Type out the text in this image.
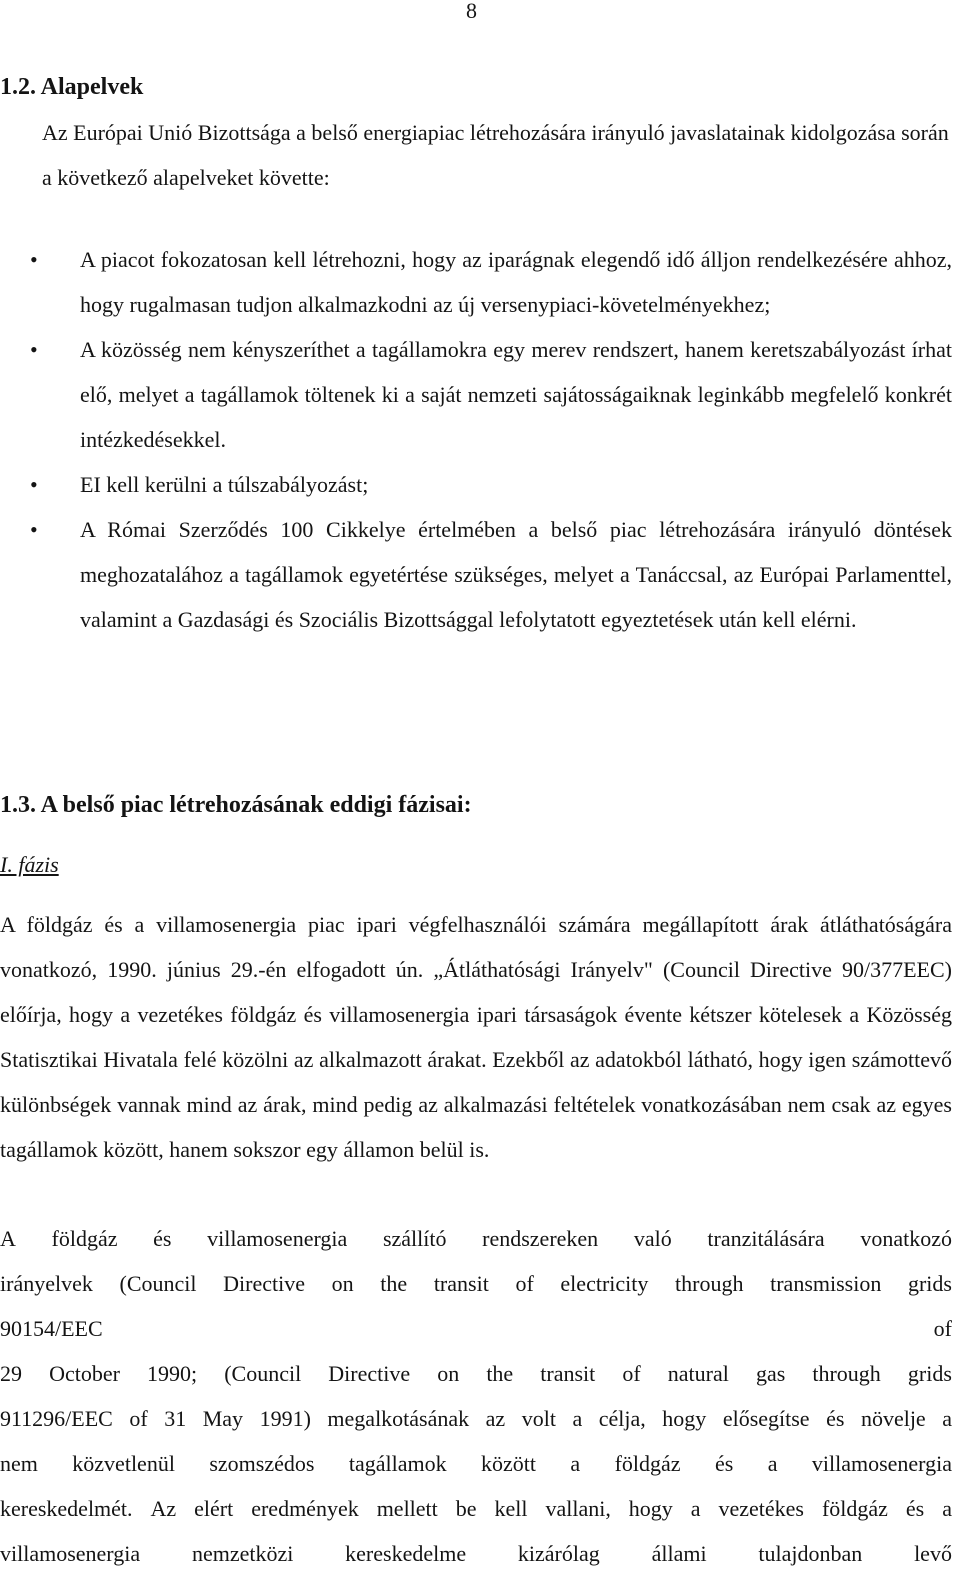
8
1.2. Alapelvek

Az Európai Unió Bizottsága a belső energiapiac létrehozására irányuló javaslatainak kidolgozása során a következő alapelveket követte:

• A piacot fokozatosan kell létrehozni, hogy az iparágnak elegendő idő álljon rendelkezésére ahhoz, hogy rugalmasan tudjon alkalmazkodni az új versenypiaci-követelményekhez;
• A közösség nem kényszeríthet a tagállamokra egy merev rendszert, hanem keretszabályozást írhat elő, melyet a tagállamok töltenek ki a saját nemzeti sajátosságaiknak leginkább megfelelő konkrét intézkedésekkel.
• EI kell kerülni a túlszabályozást;
• A Római Szerződés 100 Cikkelye értelmében a belső piac létrehozására irányuló döntések meghozatalához a tagállamok egyetértése szükséges, melyet a Tanáccsal, az Európai Parlamenttel, valamint a Gazdasági és Szociális Bizottsággal lefolytatott egyeztetések után kell elérni.
1.3. A belső piac létrehozásának eddigi fázisai:
I. fázis

A földgáz és a villamosenergia piac ipari végfelhasználói számára megállapított árak átláthatóságára vonatkozó, 1990. június 29.-én elfogadott ún. „Átláthatósági Irányelv" (Council Directive 90/377EEC) előírja, hogy a vezetékes földgáz és villamosenergia ipari társaságok évente kétszer kötelesek a Közösség Statisztikai Hivatala felé közölni az alkalmazott árakat. Ezekből az adatokból látható, hogy igen számottevő különbségek vannak mind az árak, mind pedig az alkalmazási feltételek vonatkozásában nem csak az egyes tagállamok között, hanem sokszor egy államon belül is.

A földgáz és villamosenergia szállító rendszereken való tranzitálására vonatkozó
irányelvek (Council Directive on the transit of electricity through transmission grids
90154/EEC	of
29 October 1990; (Council Directive on the transit of natural gas through grids
911296/EEC of 31 May 1991) megalkotásának az volt a célja, hogy elősegítse és növelje a
nem közvetlenül szomszédos tagállamok között a földgáz és a villamosenergia
kereskedelmét. Az elért eredmények mellett be kell vallani, hogy a vezetékes földgáz és a
villamosenergia nemzetközi kereskedelme kizárólag állami tulajdonban levő
